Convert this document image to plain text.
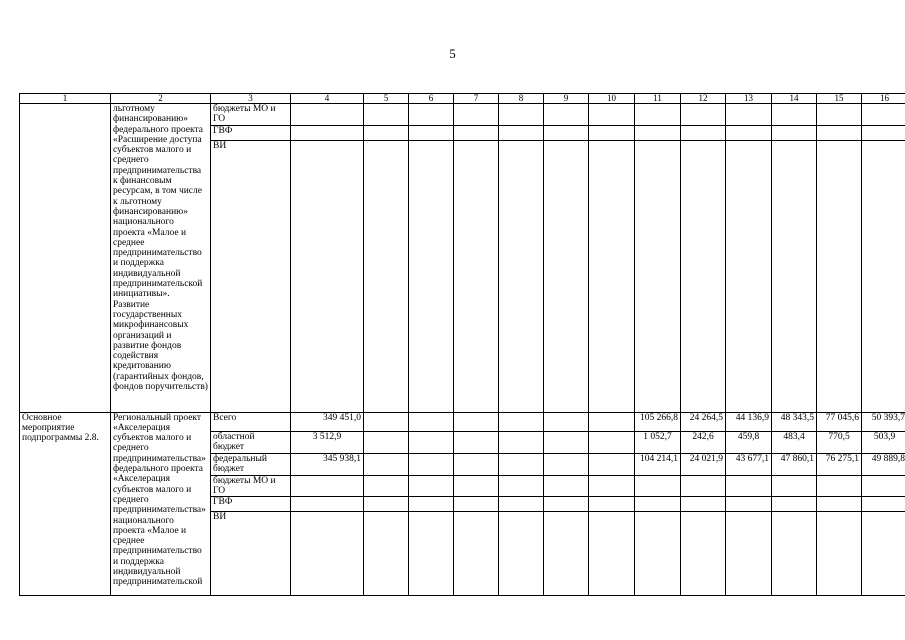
5
1	2	3	4	5	6	7	8	9	10	11	12	13	14	15	16
	льготному финансированию» федерального проекта «Расширение доступа субъектов малого и среднего предпринимательства к финансовым ресурсам, в том числе к льготному финансированию» национального проекта «Малое и среднее предпринимательство и поддержка индивидуальной предпринимательской инициативы». Развитие государственных микрофинансовых организаций и развитие фондов содействия кредитованию (гарантийных фондов, фондов поручительств)	бюджеты МО и ГО													
		ГВФ													
		ВИ													
Основное мероприятие подпрограммы 2.8.	Региональный проект «Акселерация субъектов малого и среднего предпринимательства» федерального проекта «Акселерация субъектов малого и среднего предпринимательства» национального проекта «Малое и среднее предпринимательство и поддержка индивидуальной предпринимательской	Всего	349 451,0							105 266,8	24 264,5	44 136,9	48 343,5	77 045,6	50 393,7
		областной бюджет	3 512,9							1 052,7	242,6	459,8	483,4	770,5	503,9
		федеральный бюджет	345 938,1							104 214,1	24 021,9	43 677,1	47 860,1	76 275,1	49 889,8
		бюджеты МО и ГО													
		ГВФ													
		ВИ													
